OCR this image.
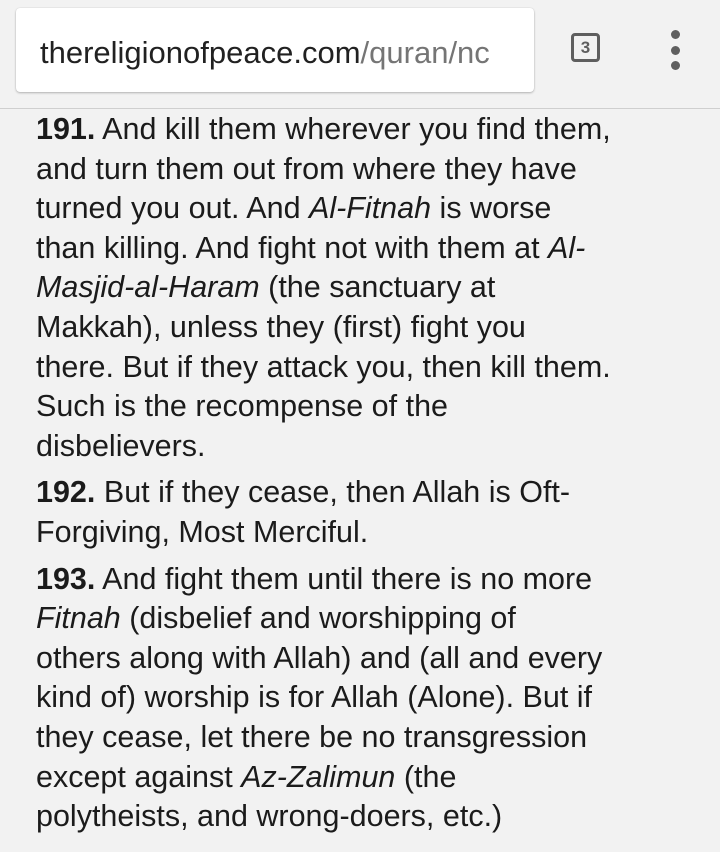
thereligionofpeace.com/quran/nc	3
191. And kill them wherever you find them,
and turn them out from where they have
turned you out. And Al-Fitnah is worse
than killing. And fight not with them at Al-
Masjid-al-Haram (the sanctuary at
Makkah), unless they (first) fight you
there. But if they attack you, then kill them.
Such is the recompense of the
disbelievers.
192. But if they cease, then Allah is Oft-
Forgiving, Most Merciful.
193. And fight them until there is no more
Fitnah (disbelief and worshipping of
others along with Allah) and (all and every
kind of) worship is for Allah (Alone). But if
they cease, let there be no transgression
except against Az-Zalimun (the
polytheists, and wrong-doers, etc.)
